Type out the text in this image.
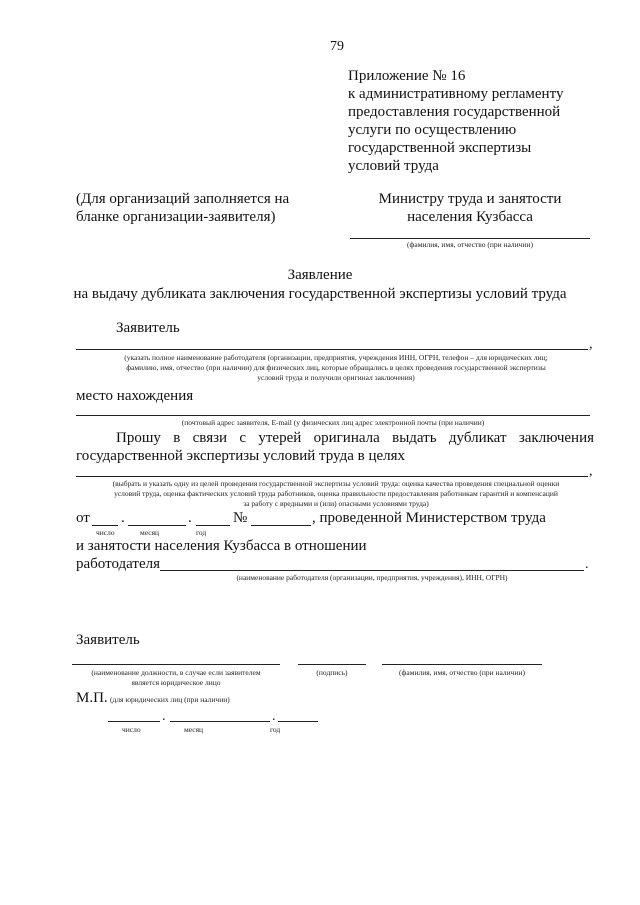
79
Приложение № 16
к административному регламенту
предоставления государственной
услуги по осуществлению
государственной экспертизы
условий труда
(Для организаций заполняется на
бланке организации-заявителя)
Министру труда и занятости
населения Кузбасса
(фамилия, имя, отчество (при наличии)
Заявление
на выдачу дубликата заключения государственной экспертизы условий труда
Заявитель
,
(указать полное наименование работодателя (организации, предприятия, учреждения ИНН, ОГРН, телефон – для юридических лиц;
фамилию, имя, отчество (при наличии) для физических лиц, которые обращались в целях проведения государственной экспертизы
условий труда и получили оригинал заключения)
место нахождения
(почтовый адрес заявителя, E-mail (у физических лиц адрес электронной почты (при наличии)
Прошу в связи с утерей оригинала выдать дубликат заключения
государственной экспертизы условий труда в целях
,
(выбрать и указать одну из целей проведения государственной экспертизы условий труда: оценка качества проведения специальной оценки
условий труда, оценка фактических условий труда работников, оценка правильности предоставления работникам гарантий и компенсаций
за работу с вредными и (или) опасными условиями труда)
от .	.	№	, проведенной Министерством труда
число	месяц	год
и занятости населения Кузбасса в отношении
работодателя	.
(наименование работодателя (организации, предприятия, учреждения), ИНН, ОГРН)
Заявитель
(наименование должности, в случае если заявителем
является юридическое лицо
(подпись)	(фамилия, имя, отчество (при наличии)
М.П. (для юридических лиц (при наличии)
.	.
число	месяц	год
